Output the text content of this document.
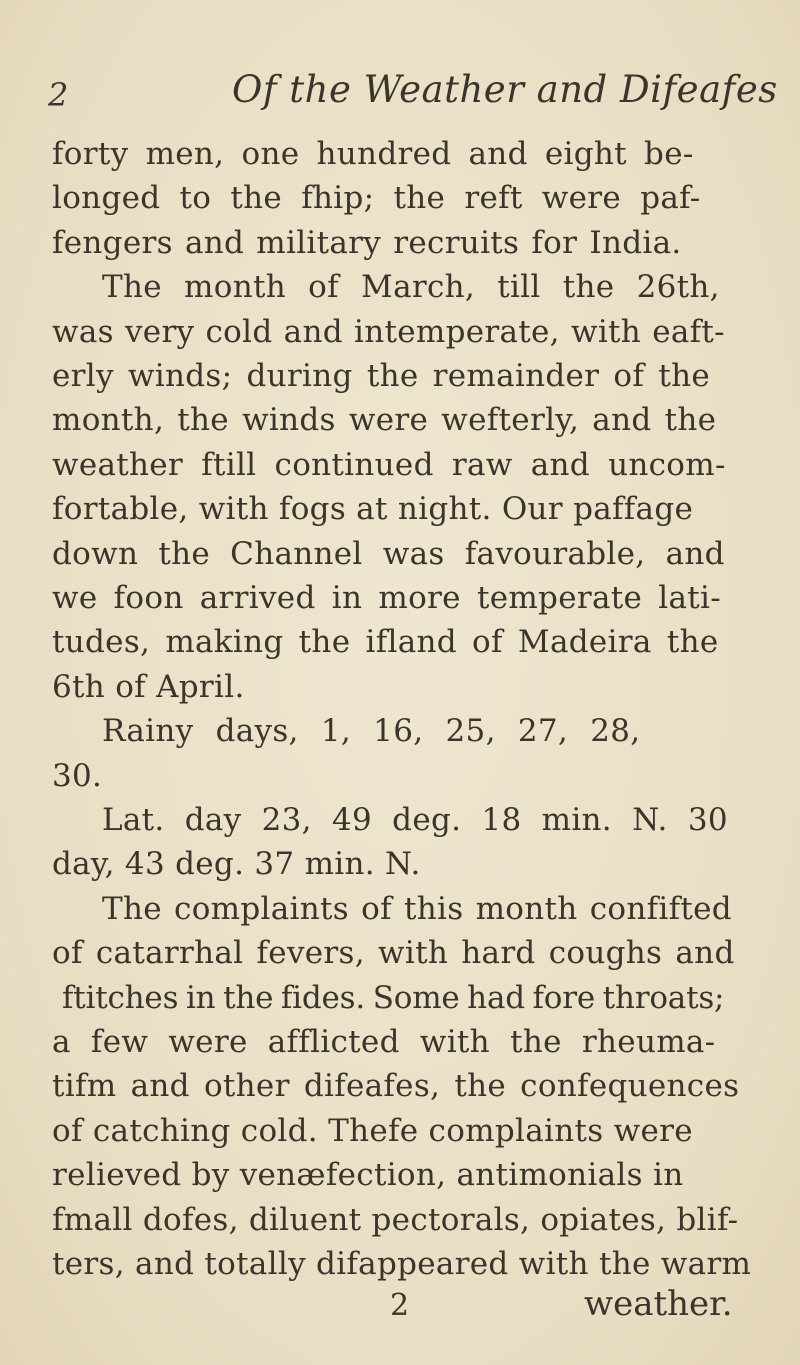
2	Of the Weather and Difeafes
forty men, one hundred and eight be-
longed to the fhip; the reft were paf-
fengers and military recruits for India.
The month of March, till the 26th,
was very cold and intemperate, with eaft-
erly winds; during the remainder of the
month, the winds were wefterly, and the
weather ftill continued raw and uncom-
fortable, with fogs at night. Our paffage
down the Channel was favourable, and
we foon arrived in more temperate lati-
tudes, making the ifland of Madeira the
6th of April.
Rainy days, 1, 16, 25, 27, 28,
30.
Lat. day 23, 49 deg. 18 min. N. 30
day, 43 deg. 37 min. N.
The complaints of this month confifted
of catarrhal fevers, with hard coughs and
ftitches in the fides. Some had fore throats;
a few were afflicted with the rheuma-
tifm and other difeafes, the confequences
of catching cold. Thefe complaints were
relieved by venæfection, antimonials in
fmall dofes, diluent pectorals, opiates, blif-
ters, and totally difappeared with the warm
2	weather.
